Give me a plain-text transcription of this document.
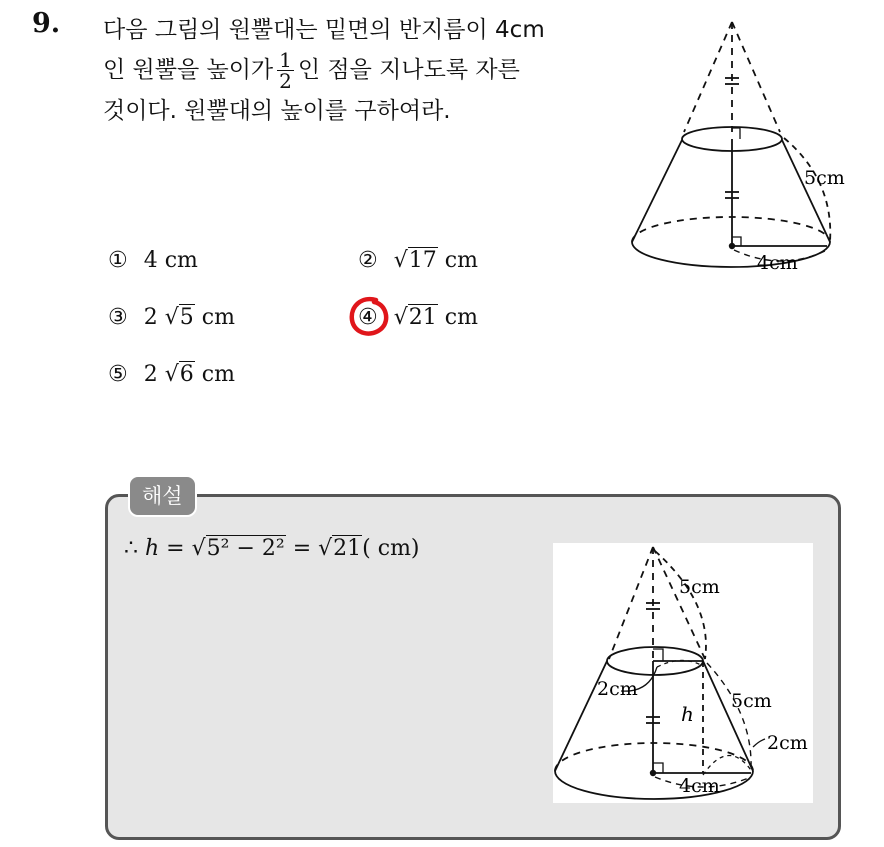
9. 다음 그림의 원뿔대는 밑면의 반지름이 4cm
인 원뿔을 높이가 $\frac{1}{2}$ 인 점을 지나도록 자른
것이다. 원뿔대의 높이를 구하여라.
5cm
4cm
① 4 cm	② √17 cm
③ 2 √5 cm	④ √21 cm
⑤ 2 √6 cm
해설
∴ h = √5² − 2² = √21( cm)
5cm
2cm
h
5cm
2cm
4cm
